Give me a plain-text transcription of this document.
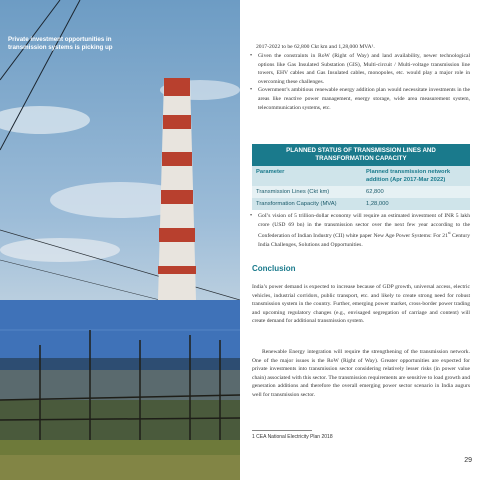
Private investment opportunities in transmission systems is picking up	2017-2022 to be 62,800 Ckt km and 1,28,000 MVA¹.
•	Given the constraints in RoW (Right of Way) and land availability, newer technological options like Gas Insulated Substation (GIS), Multi-circuit / Multi-voltage transmission line towers, EHV cables and Gas Insulated cables, monopoles, etc. would play a major role in overcoming these challenges.
•	Government’s ambitious renewable energy addition plan would necessitate investments in the areas like reactive power management, energy storage, wide area measurement system, telecommunication systems, etc.
PLANNED STATUS OF TRANSMISSION LINES AND TRANSFORMATION CAPACITY
Parameter	Planned transmission network addition (Apr 2017-Mar 2022)
Transmission Lines (Ckt km)	62,800
Transformation Capacity (MVA)	1,28,000
•	GoI’s vision of 5 trillion-dollar economy will require an estimated investment of INR 5 lakh crore (USD 69 bn) in the transmission sector over the next few year according to the Confederation of Indian Industry (CII) white paper New Age Power Systems: For 21st Century India Challenges, Solutions and Opportunities.
Conclusion
India’s power demand is expected to increase because of GDP growth, universal access, electric vehicles, industrial corridors, public transport, etc. and likely to create strong need for robust transmission system in the country. Further, emerging power market, cross-border power trading and upcoming regulatory changes (e.g., envisaged segregation of carriage and content) will create demand for additional transmission system.
Renewable Energy integration will require the strengthening of the transmission network. One of the major issues is the RoW (Right of Way). Greater opportunities are expected for private investments into transmission sector considering relatively lesser risks (in power value chain) associated with this sector. The transmission requirements are sensitive to load growth and generation additions and therefore the overall emerging power sector scenario in India augurs well for transmission sector.
1 CEA National Electricity Plan 2018
29
